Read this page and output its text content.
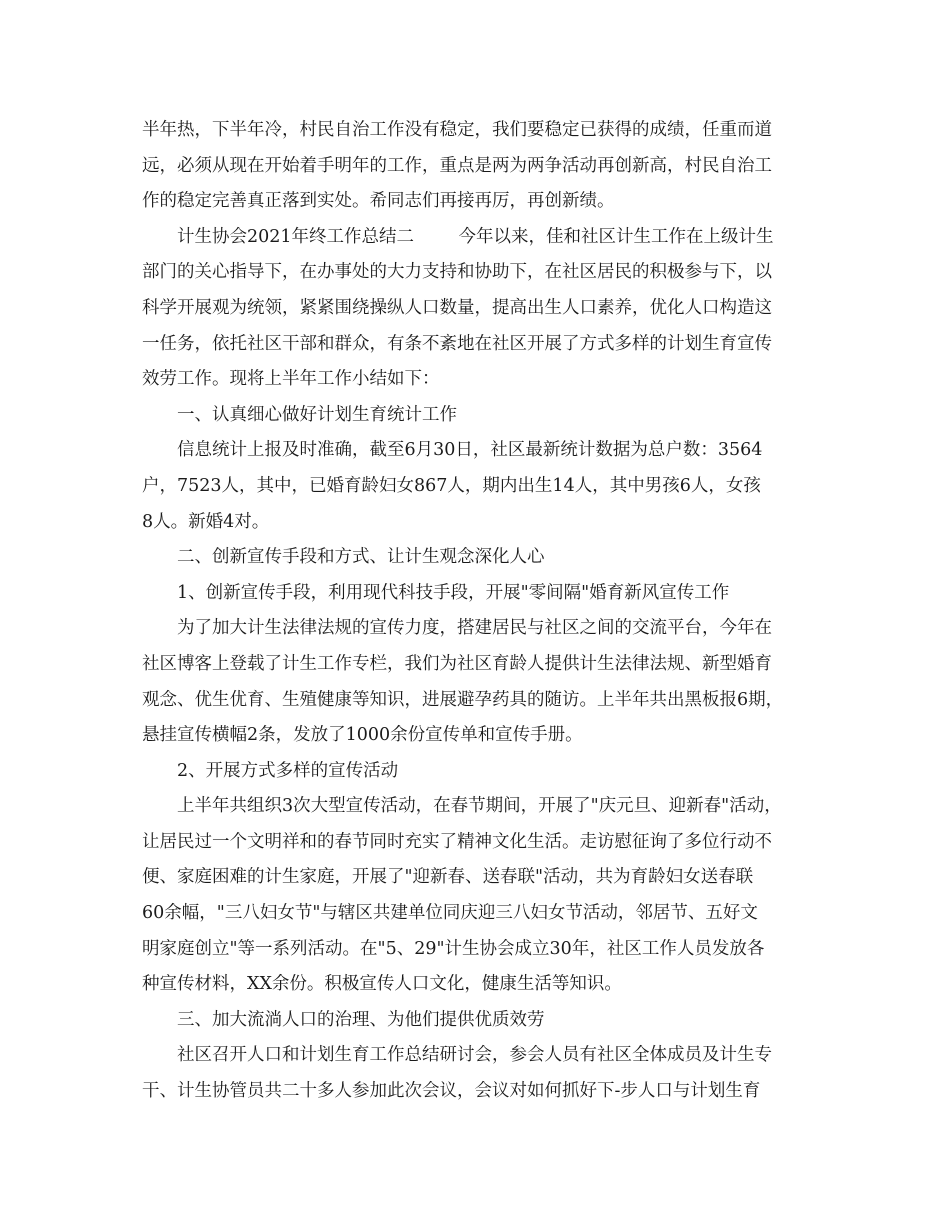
半年热，下半年冷，村民自治工作没有稳定，我们要稳定已获得的成绩，任重而道
远，必须从现在开始着手明年的工作，重点是两为两争活动再创新高，村民自治工
作的稳定完善真正落到实处。希同志们再接再厉，再创新绩。
计生协会2021年终工作总结二        今年以来，佳和社区计生工作在上级计生
部门的关心指导下，在办事处的大力支持和协助下，在社区居民的积极参与下，以
科学开展观为统领，紧紧围绕操纵人口数量，提高出生人口素养，优化人口构造这
一任务，依托社区干部和群众，有条不紊地在社区开展了方式多样的计划生育宣传
效劳工作。现将上半年工作小结如下：
一、认真细心做好计划生育统计工作
信息统计上报及时准确，截至6月30日，社区最新统计数据为总户数：3564
户，7523人，其中，已婚育龄妇女867人，期内出生14人，其中男孩6人，女孩
8人。新婚4对。
二、创新宣传手段和方式、让计生观念深化人心
1、创新宣传手段，利用现代科技手段，开展"零间隔"婚育新风宣传工作
为了加大计生法律法规的宣传力度，搭建居民与社区之间的交流平台，今年在
社区博客上登载了计生工作专栏，我们为社区育龄人提供计生法律法规、新型婚育
观念、优生优育、生殖健康等知识，进展避孕药具的随访。上半年共出黑板报6期，
悬挂宣传横幅2条，发放了1000余份宣传单和宣传手册。
2、开展方式多样的宣传活动
上半年共组织3次大型宣传活动，在春节期间，开展了"庆元旦、迎新春"活动，
让居民过一个文明祥和的春节同时充实了精神文化生活。走访慰征询了多位行动不
便、家庭困难的计生家庭，开展了"迎新春、送春联"活动，共为育龄妇女送春联
60余幅，"三八妇女节"与辖区共建单位同庆迎三八妇女节活动，邻居节、五好文
明家庭创立"等一系列活动。在"5、29"计生协会成立30年，社区工作人员发放各
种宣传材料，XX余份。积极宣传人口文化，健康生活等知识。
三、加大流淌人口的治理、为他们提供优质效劳
社区召开人口和计划生育工作总结研讨会，参会人员有社区全体成员及计生专
干、计生协管员共二十多人参加此次会议，会议对如何抓好下-步人口与计划生育
